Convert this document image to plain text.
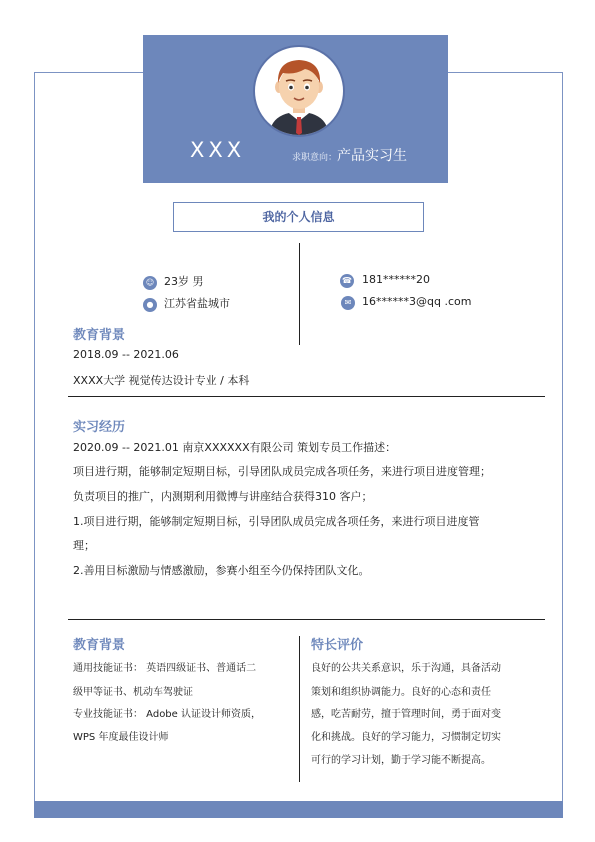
XXX	求职意向： 产品实习生
我的个人信息
☺ 23岁 男
● 江苏省盐城市
☎ 181******20
✉ 16******3@qq .com
教育背景
2018.09 -- 2021.06
XXXX大学 视觉传达设计专业 / 本科
实习经历
2020.09 -- 2021.01 南京XXXXXX有限公司 策划专员工作描述：
项目进行期，能够制定短期目标，引导团队成员完成各项任务，来进行项目进度管理；
负责项目的推广，内测期利用微博与讲座结合获得310 客户；
1.项目进行期，能够制定短期目标，引导团队成员完成各项任务，来进行项目进度管
理；
2.善用目标激励与情感激励，参赛小组至今仍保持团队文化。
教育背景
通用技能证书： 英语四级证书、普通话二
级甲等证书、机动车驾驶证
专业技能证书： Adobe 认证设计师资质，
WPS 年度最佳设计师
特长评价
良好的公共关系意识，乐于沟通，具备活动
策划和组织协调能力。良好的心态和责任
感，吃苦耐劳，擅于管理时间，勇于面对变
化和挑战。良好的学习能力，习惯制定切实
可行的学习计划，勤于学习能不断提高。
